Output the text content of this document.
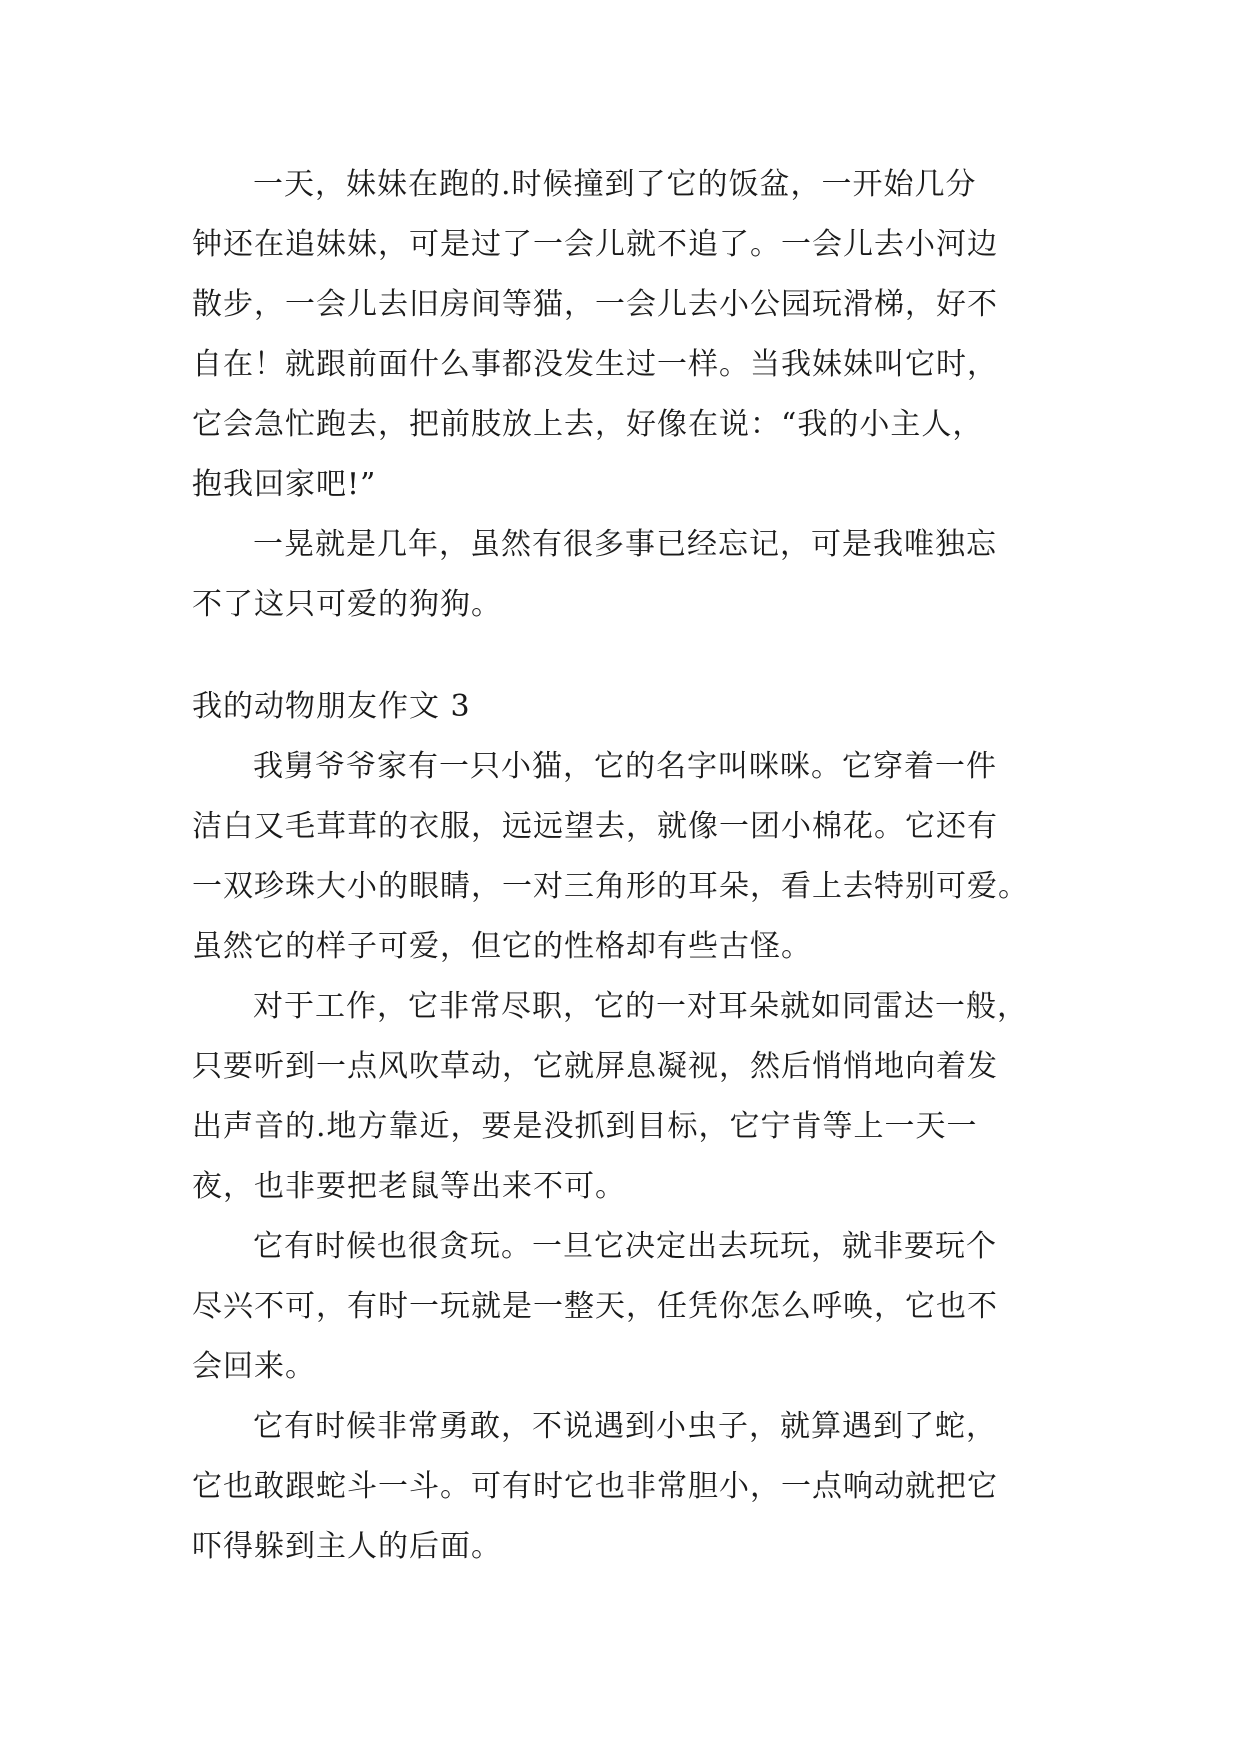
一天，妹妹在跑的.时候撞到了它的饭盆，一开始几分
钟还在追妹妹，可是过了一会儿就不追了。一会儿去小河边
散步，一会儿去旧房间等猫，一会儿去小公园玩滑梯，好不
自在！就跟前面什么事都没发生过一样。当我妹妹叫它时，
它会急忙跑去，把前肢放上去，好像在说：“我的小主人，
抱我回家吧!”
一晃就是几年，虽然有很多事已经忘记，可是我唯独忘
不了这只可爱的狗狗。
我的动物朋友作文 3
我舅爷爷家有一只小猫，它的名字叫咪咪。它穿着一件
洁白又毛茸茸的衣服，远远望去，就像一团小棉花。它还有
一双珍珠大小的眼睛，一对三角形的耳朵，看上去特别可爱。
虽然它的样子可爱，但它的性格却有些古怪。
对于工作，它非常尽职，它的一对耳朵就如同雷达一般，
只要听到一点风吹草动，它就屏息凝视，然后悄悄地向着发
出声音的.地方靠近，要是没抓到目标，它宁肯等上一天一
夜，也非要把老鼠等出来不可。
它有时候也很贪玩。一旦它决定出去玩玩，就非要玩个
尽兴不可，有时一玩就是一整天，任凭你怎么呼唤，它也不
会回来。
它有时候非常勇敢，不说遇到小虫子，就算遇到了蛇，
它也敢跟蛇斗一斗。可有时它也非常胆小，一点响动就把它
吓得躲到主人的后面。
